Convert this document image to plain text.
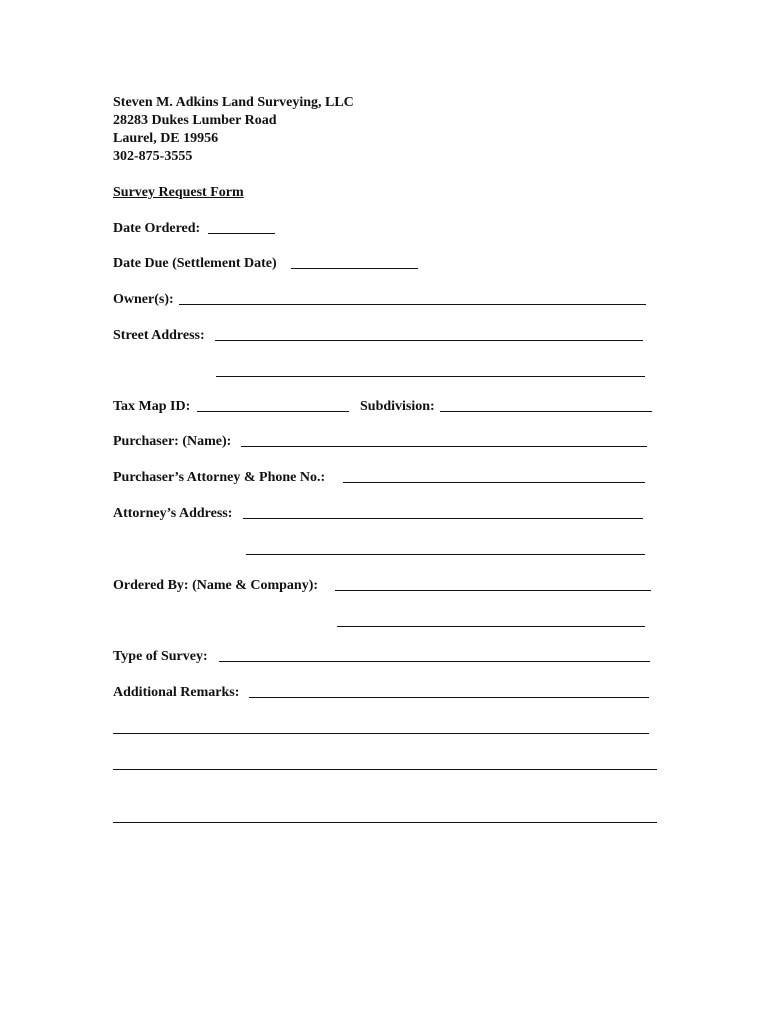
Steven M. Adkins Land Surveying, LLC
28283 Dukes Lumber Road
Laurel, DE 19956
302-875-3555
Survey Request Form
Date Ordered:
Date Due (Settlement Date)
Owner(s):
Street Address:
Tax Map ID:	Subdivision:
Purchaser: (Name):
Purchaser’s Attorney & Phone No.:
Attorney’s Address:
Ordered By: (Name & Company):
Type of Survey:
Additional Remarks:
